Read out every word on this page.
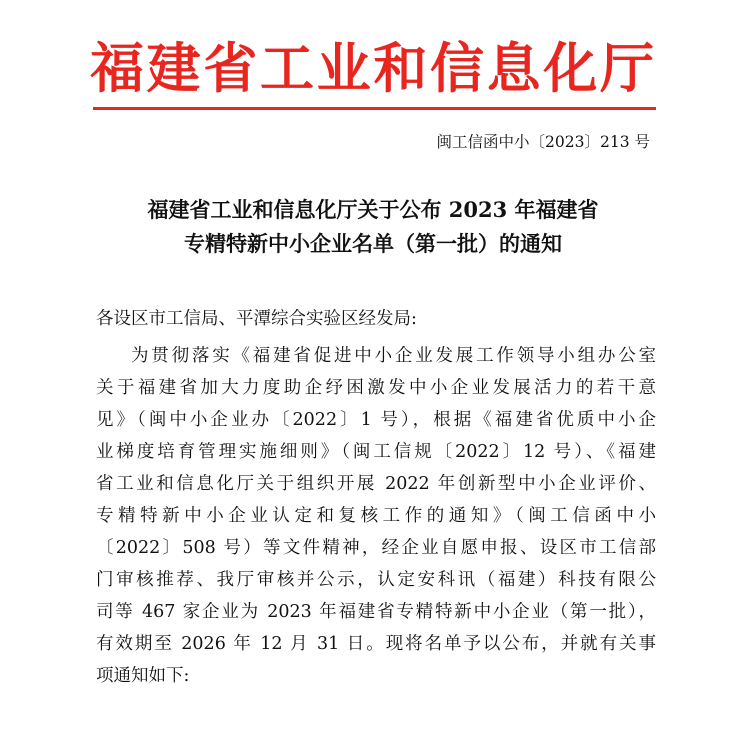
福建省工业和信息化厅
闽工信函中小〔2023〕213 号
福建省工业和信息化厅关于公布 2023 年福建省
专精特新中小企业名单（第一批）的通知
各设区市工信局、平潭综合实验区经发局:
为贯彻落实《福建省促进中小企业发展工作领导小组办公室
关于福建省加大力度助企纾困激发中小企业发展活力的若干意
见》（闽中小企业办〔2022〕1 号），根据《福建省优质中小企
业梯度培育管理实施细则》（闽工信规〔2022〕12 号）、《福建
省工业和信息化厅关于组织开展 2022 年创新型中小企业评价、
专精特新中小企业认定和复核工作的通知》（闽工信函中小
〔2022〕508 号）等文件精神，经企业自愿申报、设区市工信部
门审核推荐、我厅审核并公示，认定安科讯（福建）科技有限公
司等 467 家企业为 2023 年福建省专精特新中小企业（第一批），
有效期至 2026 年 12 月 31 日。现将名单予以公布，并就有关事
项通知如下:
